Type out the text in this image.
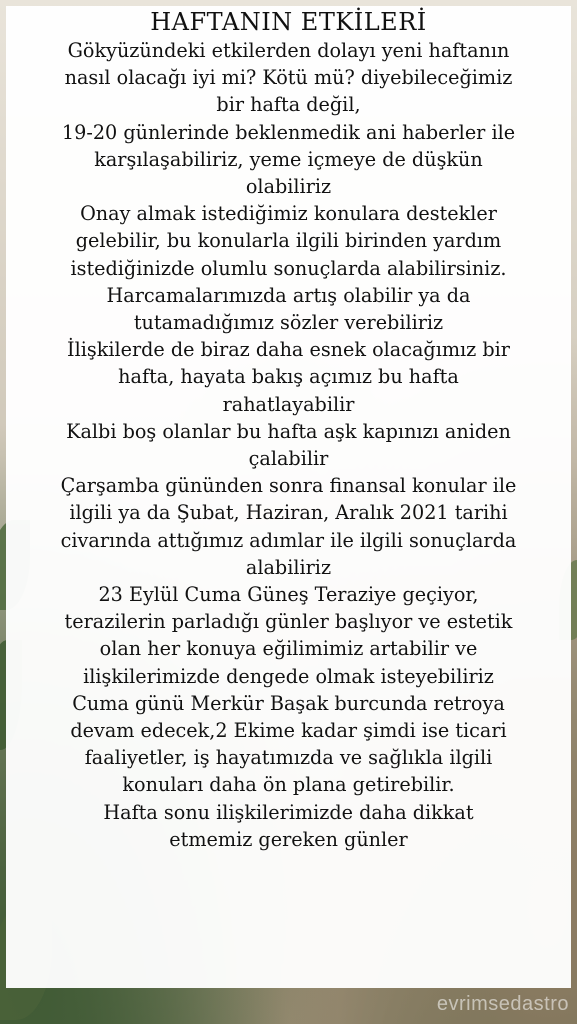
HAFTANIN ETKİLERİ

Gökyüzündeki etkilerden dolayı yeni haftanın
nasıl olacağı iyi mi? Kötü mü? diyebileceğimiz
bir hafta değil,

19-20 günlerinde beklenmedik ani haberler ile
karşılaşabiliriz, yeme içmeye de düşkün
olabiliriz

Onay almak istediğimiz konulara destekler
gelebilir, bu konularla ilgili birinden yardım
istediğinizde olumlu sonuçlarda alabilirsiniz.

Harcamalarımızda artış olabilir ya da
tutamadığımız sözler verebiliriz

İlişkilerde de biraz daha esnek olacağımız bir
hafta, hayata bakış açımız bu hafta
rahatlayabilir

Kalbi boş olanlar bu hafta aşk kapınızı aniden
çalabilir

Çarşamba gününden sonra finansal konular ile
ilgili ya da Şubat, Haziran, Aralık 2021 tarihi
civarında attığımız adımlar ile ilgili sonuçlarda
alabiliriz

23 Eylül Cuma Güneş Teraziye geçiyor,
terazilerin parladığı günler başlıyor ve estetik
olan her konuya eğilimimiz artabilir ve
ilişkilerimizde dengede olmak isteyebiliriz

Cuma günü Merkür Başak burcunda retroya
devam edecek,2 Ekime kadar şimdi ise ticari
faaliyetler, iş hayatımızda ve sağlıkla ilgili
konuları daha ön plana getirebilir.

Hafta sonu ilişkilerimizde daha dikkat
etmemiz gereken günler

evrimsedastro
